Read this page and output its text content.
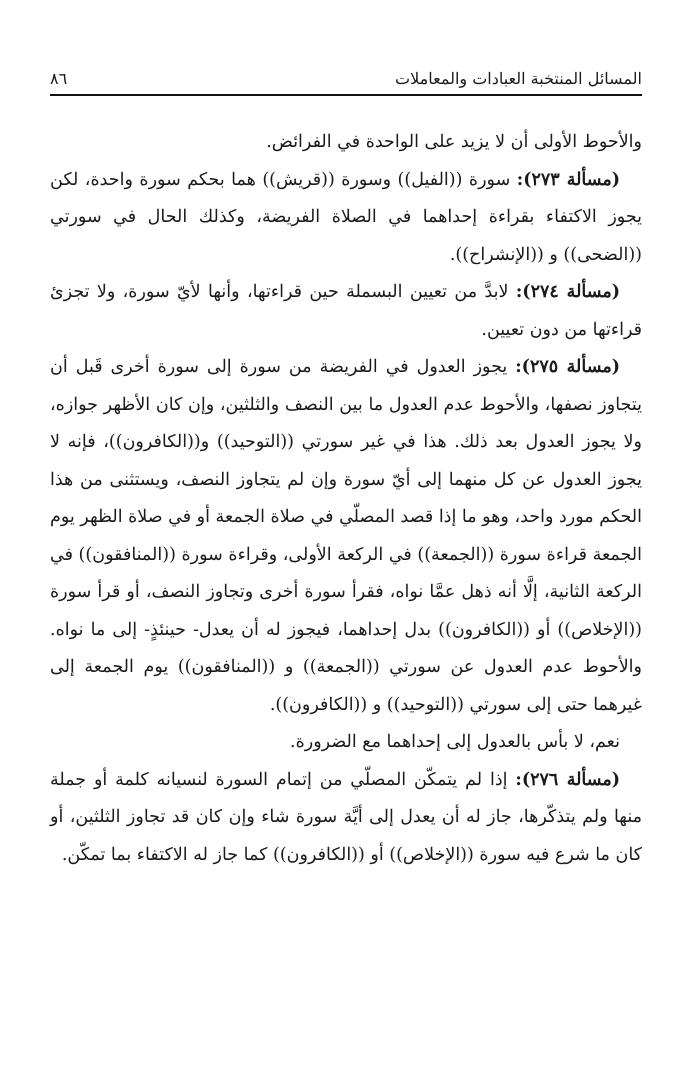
المسائل المنتخبة العبادات والمعاملات
٨٦

والأحوط الأولى أن لا يزيد على الواحدة في الفرائض.

(مسألة ٢٧٣): سورة ((الفيل)) وسورة ((قريش)) هما بحكم سورة واحدة، لكن يجوز الاكتفاء بقراءة إحداهما في الصلاة الفريضة، وكذلك الحال في سورتي ((الضحى)) و ((الإنشراح)).

(مسألة ٢٧٤): لابدَّ من تعيين البسملة حين قراءتها، وأنها لأيّ سورة، ولا تجزئ قراءتها من دون تعيين.

(مسألة ٢٧٥): يجوز العدول في الفريضة من سورة إلى سورة أخرى قَبل أن يتجاوز نصفها، والأحوط عدم العدول ما بين النصف والثلثين، وإن كان الأظهر جوازه، ولا يجوز العدول بعد ذلك. هذا في غير سورتي ((التوحيد)) و((الكافرون))، فإنه لا يجوز العدول عن كل منهما إلى أيّ سورة وإن لم يتجاوز النصف، ويستثنى من هذا الحكم مورد واحد، وهو ما إذا قصد المصلّي في صلاة الجمعة أو في صلاة الظهر يوم الجمعة قراءة سورة ((الجمعة)) في الركعة الأولى، وقراءة سورة ((المنافقون)) في الركعة الثانية، إلَّا أنه ذهل عمَّا نواه، فقرأ سورة أخرى وتجاوز النصف، أو قرأ سورة ((الإخلاص)) أو ((الكافرون)) بدل إحداهما، فيجوز له أن يعدل- حينئذٍ- إلى ما نواه. والأحوط عدم العدول عن سورتي ((الجمعة)) و ((المنافقون)) يوم الجمعة إلى غيرهما حتى إلى سورتي ((التوحيد)) و ((الكافرون)).

نعم، لا بأس بالعدول إلى إحداهما مع الضرورة.

(مسألة ٢٧٦): إذا لم يتمكّن المصلّي من إتمام السورة لنسيانه كلمة أو جملة منها ولم يتذكّرها، جاز له أن يعدل إلى أيَّة سورة شاء وإن كان قد تجاوز الثلثين، أو كان ما شرع فيه سورة ((الإخلاص)) أو ((الكافرون)) كما جاز له الاكتفاء بما تمكّن.
